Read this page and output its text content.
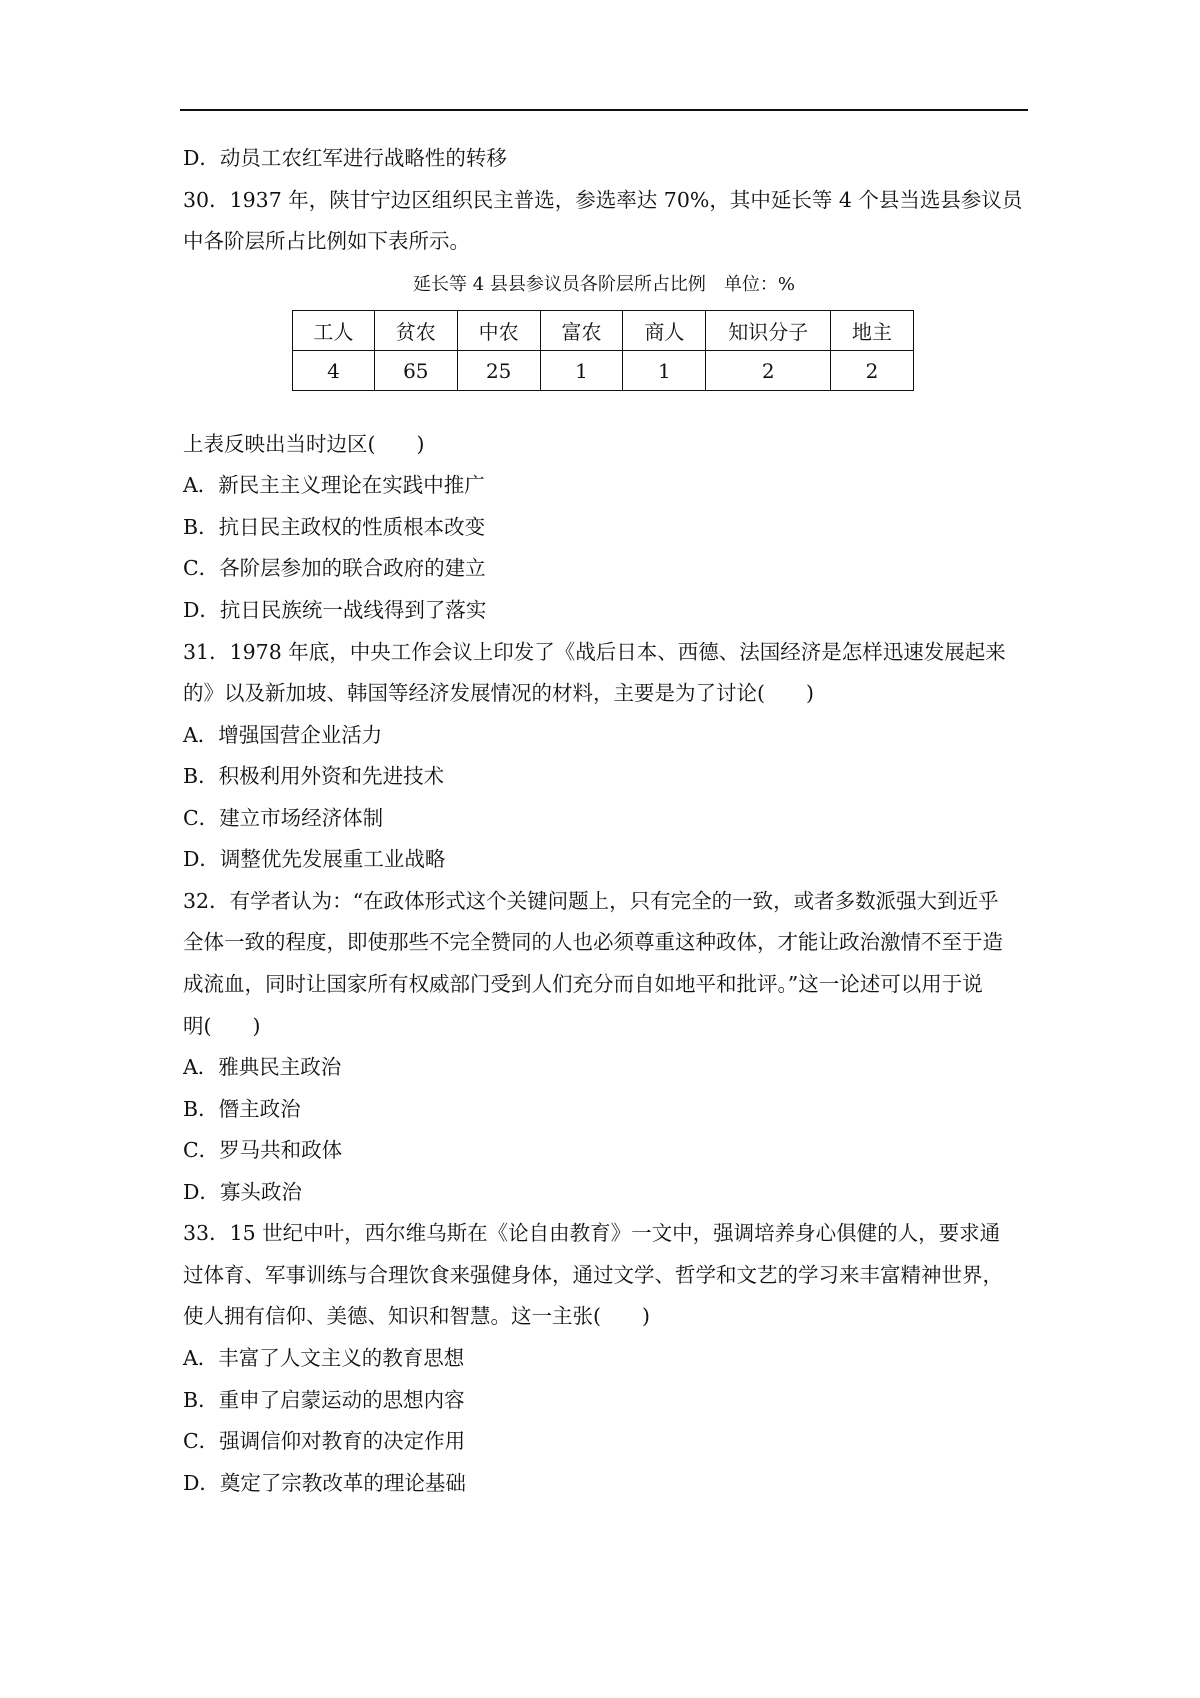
D．动员工农红军进行战略性的转移
30．1937 年，陕甘宁边区组织民主普选，参选率达 70%，其中延长等 4 个县当选县参议员
中各阶层所占比例如下表所示。
延长等 4 县县参议员各阶层所占比例　单位：%
工人	贫农	中农	富农	商人	知识分子	地主
4	65	25	1	1	2	2
上表反映出当时边区(　　)
A．新民主主义理论在实践中推广
B．抗日民主政权的性质根本改变
C．各阶层参加的联合政府的建立
D．抗日民族统一战线得到了落实
31．1978 年底，中央工作会议上印发了《战后日本、西德、法国经济是怎样迅速发展起来
的》以及新加坡、韩国等经济发展情况的材料，主要是为了讨论(　　)
A．增强国营企业活力
B．积极利用外资和先进技术
C．建立市场经济体制
D．调整优先发展重工业战略
32．有学者认为：“在政体形式这个关键问题上，只有完全的一致，或者多数派强大到近乎
全体一致的程度，即使那些不完全赞同的人也必须尊重这种政体，才能让政治激情不至于造
成流血，同时让国家所有权威部门受到人们充分而自如地平和批评。”这一论述可以用于说
明(　　)
A．雅典民主政治
B．僭主政治
C．罗马共和政体
D．寡头政治
33．15 世纪中叶，西尔维乌斯在《论自由教育》一文中，强调培养身心俱健的人，要求通
过体育、军事训练与合理饮食来强健身体，通过文学、哲学和文艺的学习来丰富精神世界，
使人拥有信仰、美德、知识和智慧。这一主张(　　)
A．丰富了人文主义的教育思想
B．重申了启蒙运动的思想内容
C．强调信仰对教育的决定作用
D．奠定了宗教改革的理论基础
